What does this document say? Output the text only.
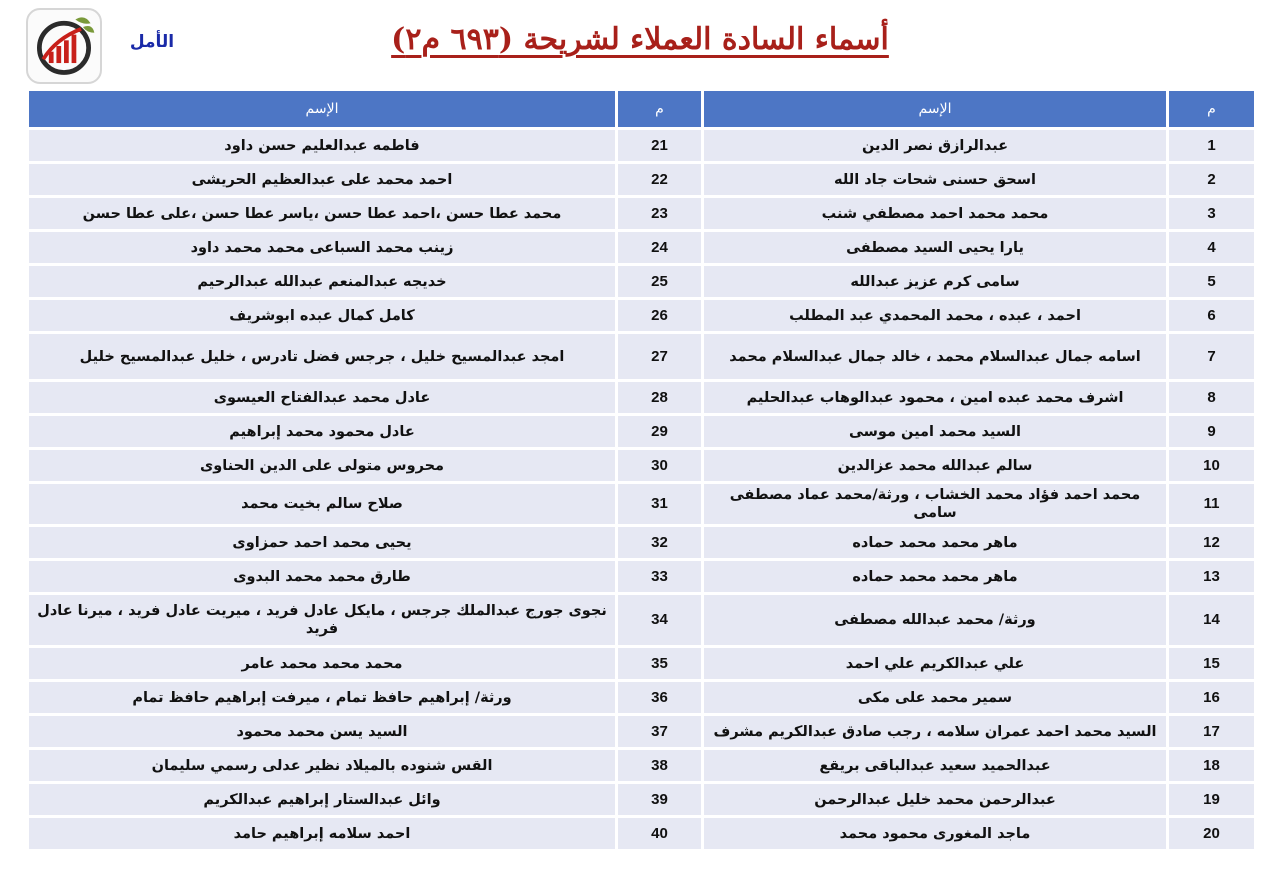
الأمل	أسماء السادة العملاء لشريحة (٦٩٣ م٢)
م	الإسم	م	الإسم
1	عبدالرازق نصر الدين	21	فاطمه عبدالعليم حسن داود
2	اسحق حسنى شحات جاد الله	22	احمد محمد على عبدالعظيم الحريشى
3	محمد محمد احمد مصطفي شنب	23	محمد عطا حسن ،احمد عطا حسن ،ياسر عطا حسن ،على عطا حسن
4	يارا يحيى السيد مصطفى	24	زينب محمد السباعى محمد محمد داود
5	سامى كرم عزيز عبدالله	25	خديجه عبدالمنعم عبدالله عبدالرحيم
6	احمد ، عبده ، محمد المحمدي عبد المطلب	26	كامل كمال عبده ابوشريف
7	اسامه جمال عبدالسلام محمد ، خالد جمال عبدالسلام محمد	27	امجد عبدالمسيح خليل ، جرجس فضل تادرس ، خليل عبدالمسيح خليل
8	اشرف محمد عبده امين ، محمود عبدالوهاب عبدالحليم	28	عادل محمد عبدالفتاح العيسوى
9	السيد محمد امين موسى	29	عادل محمود محمد إبراهيم
10	سالم عبدالله محمد عزالدين	30	محروس متولى على الدين الحناوى
11	محمد احمد فؤاد محمد الخشاب ، ورثة/محمد عماد مصطفى سامى	31	صلاح سالم بخيت محمد
12	ماهر محمد محمد حماده	32	يحيى محمد احمد حمزاوى
13	ماهر محمد محمد حماده	33	طارق محمد محمد البدوى
14	ورثة/ محمد عبدالله مصطفى	34	نجوى جورج عبدالملك جرجس ، مايكل عادل فريد ، ميريت عادل فريد ، ميرنا عادل فريد
15	علي عبدالكريم علي احمد	35	محمد محمد محمد عامر
16	سمير محمد على مكى	36	ورثة/ إبراهيم حافظ تمام ، ميرفت إبراهيم حافظ تمام
17	السيد محمد احمد عمران سلامه ، رجب صادق عبدالكريم مشرف	37	السيد يسن محمد محمود
18	عبدالحميد سعيد عبدالباقى بريقع	38	القس شنوده بالميلاد نظير عدلى رسمي سليمان
19	عبدالرحمن محمد خليل عبدالرحمن	39	وائل عبدالستار إبراهيم عبدالكريم
20	ماجد المغورى محمود محمد	40	احمد سلامه إبراهيم حامد
